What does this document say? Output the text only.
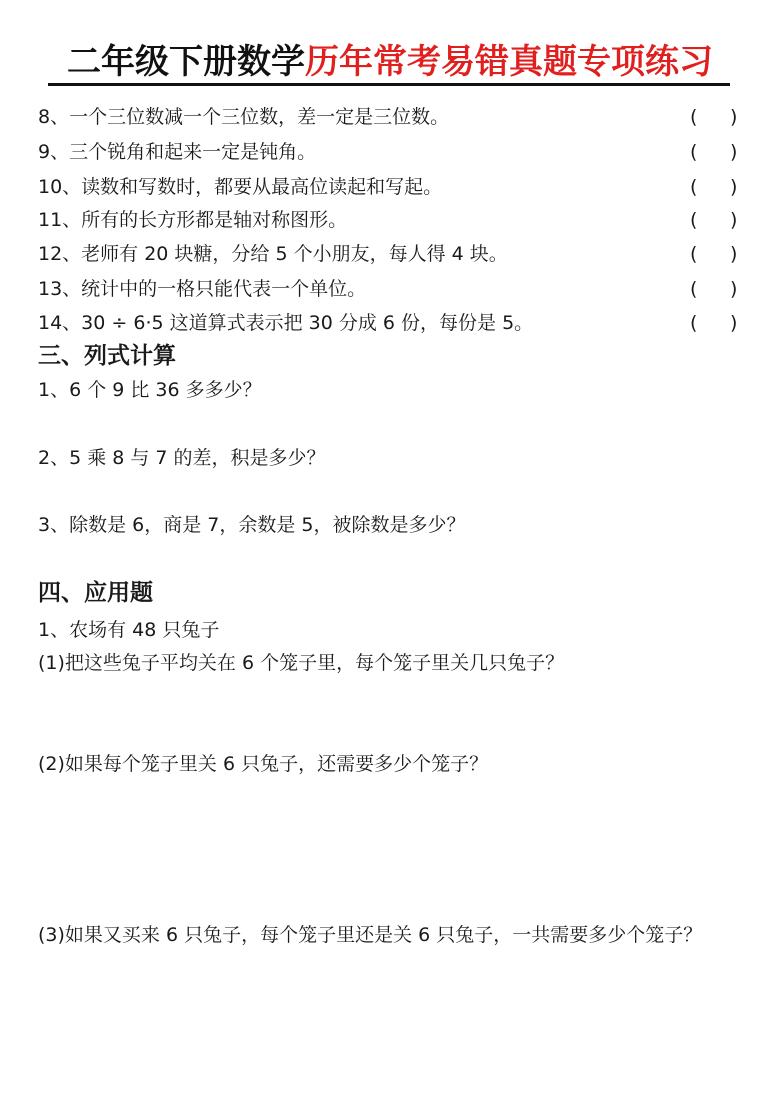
二年级下册数学历年常考易错真题专项练习
8、一个三位数减一个三位数，差一定是三位数。	( )
9、三个锐角和起来一定是钝角。	( )
10、读数和写数时，都要从最高位读起和写起。	( )
11、所有的长方形都是轴对称图形。	( )
12、老师有 20 块糖，分给 5 个小朋友，每人得 4 块。	( )
13、统计中的一格只能代表一个单位。	( )
14、30 ÷ 6·5 这道算式表示把 30 分成 6 份，每份是 5。	( )
三、列式计算
1、6 个 9 比 36 多多少？
2、5 乘 8 与 7 的差，积是多少？
3、除数是 6，商是 7，余数是 5，被除数是多少？
四、应用题
1、农场有 48 只兔子
(1)把这些兔子平均关在 6 个笼子里，每个笼子里关几只兔子？
(2)如果每个笼子里关 6 只兔子，还需要多少个笼子？
(3)如果又买来 6 只兔子，每个笼子里还是关 6 只兔子，一共需要多少个笼子？
